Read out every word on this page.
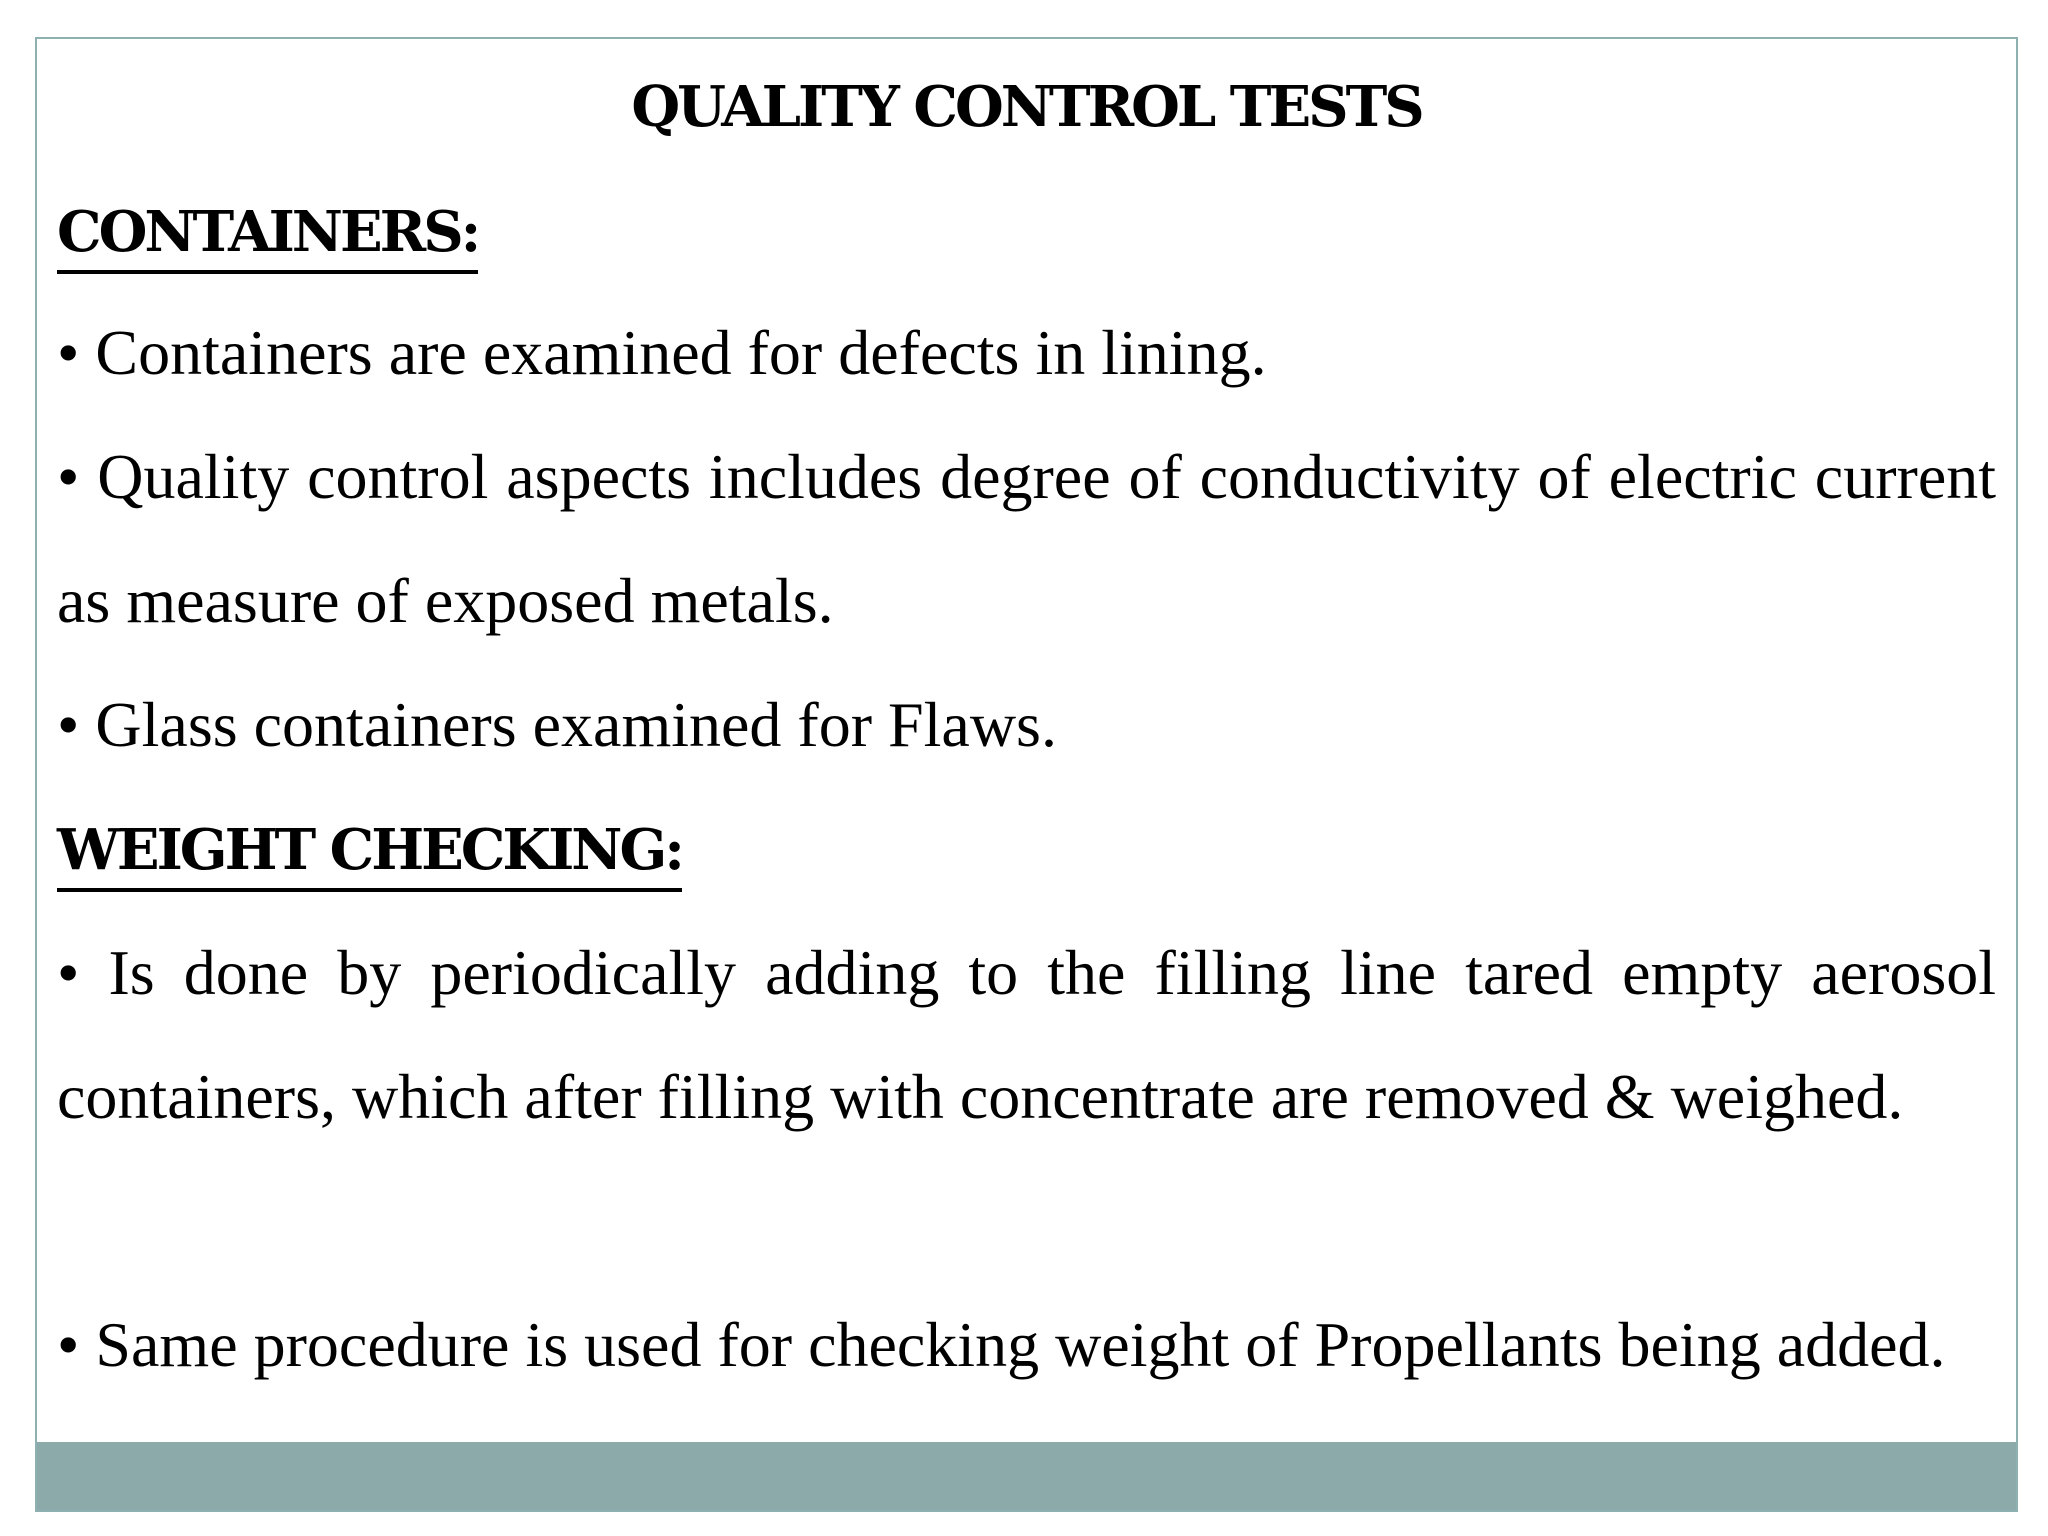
QUALITY CONTROL TESTS
CONTAINERS:
• Containers are examined for defects in lining.
• Quality control aspects includes degree of conductivity of electric current as measure of exposed metals.
• Glass containers examined for Flaws.
WEIGHT CHECKING:
• Is done by periodically adding to the filling line tared empty aerosol containers, which after filling with concentrate are removed & weighed.
• Same procedure is used for checking weight of Propellants being added.
